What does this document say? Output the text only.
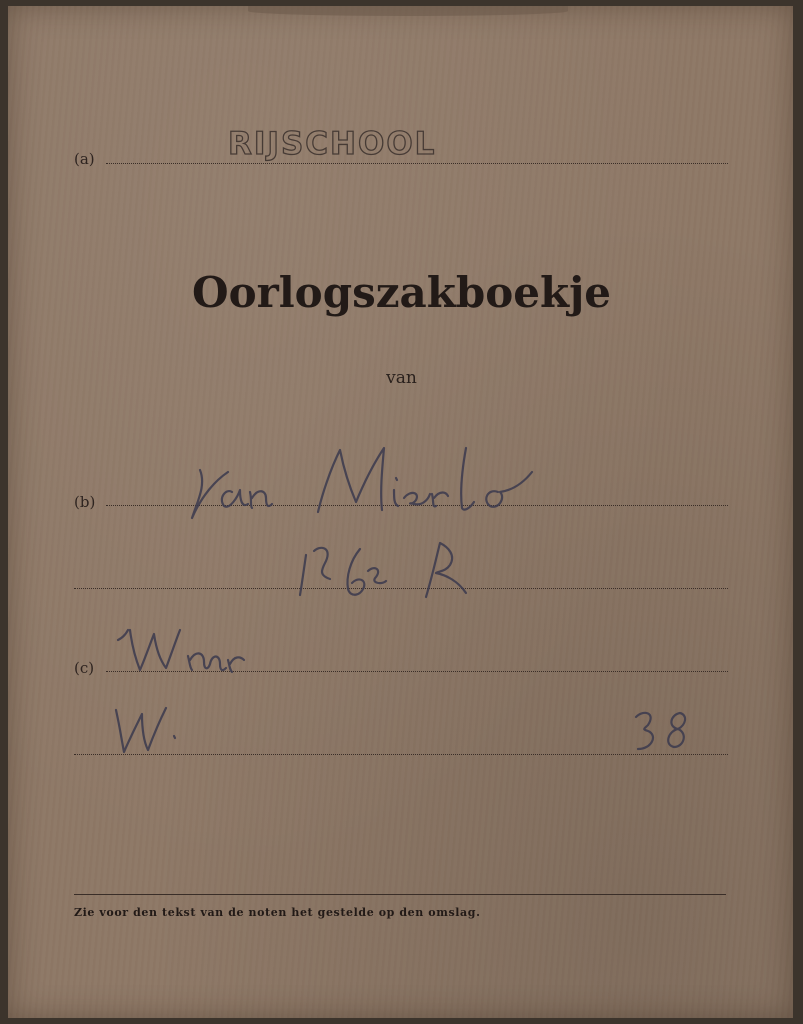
(a)	RIJSCHOOL
Oorlogszakboekje
van
(b)
(c)
Zie voor den tekst van de noten het gestelde op den omslag.
